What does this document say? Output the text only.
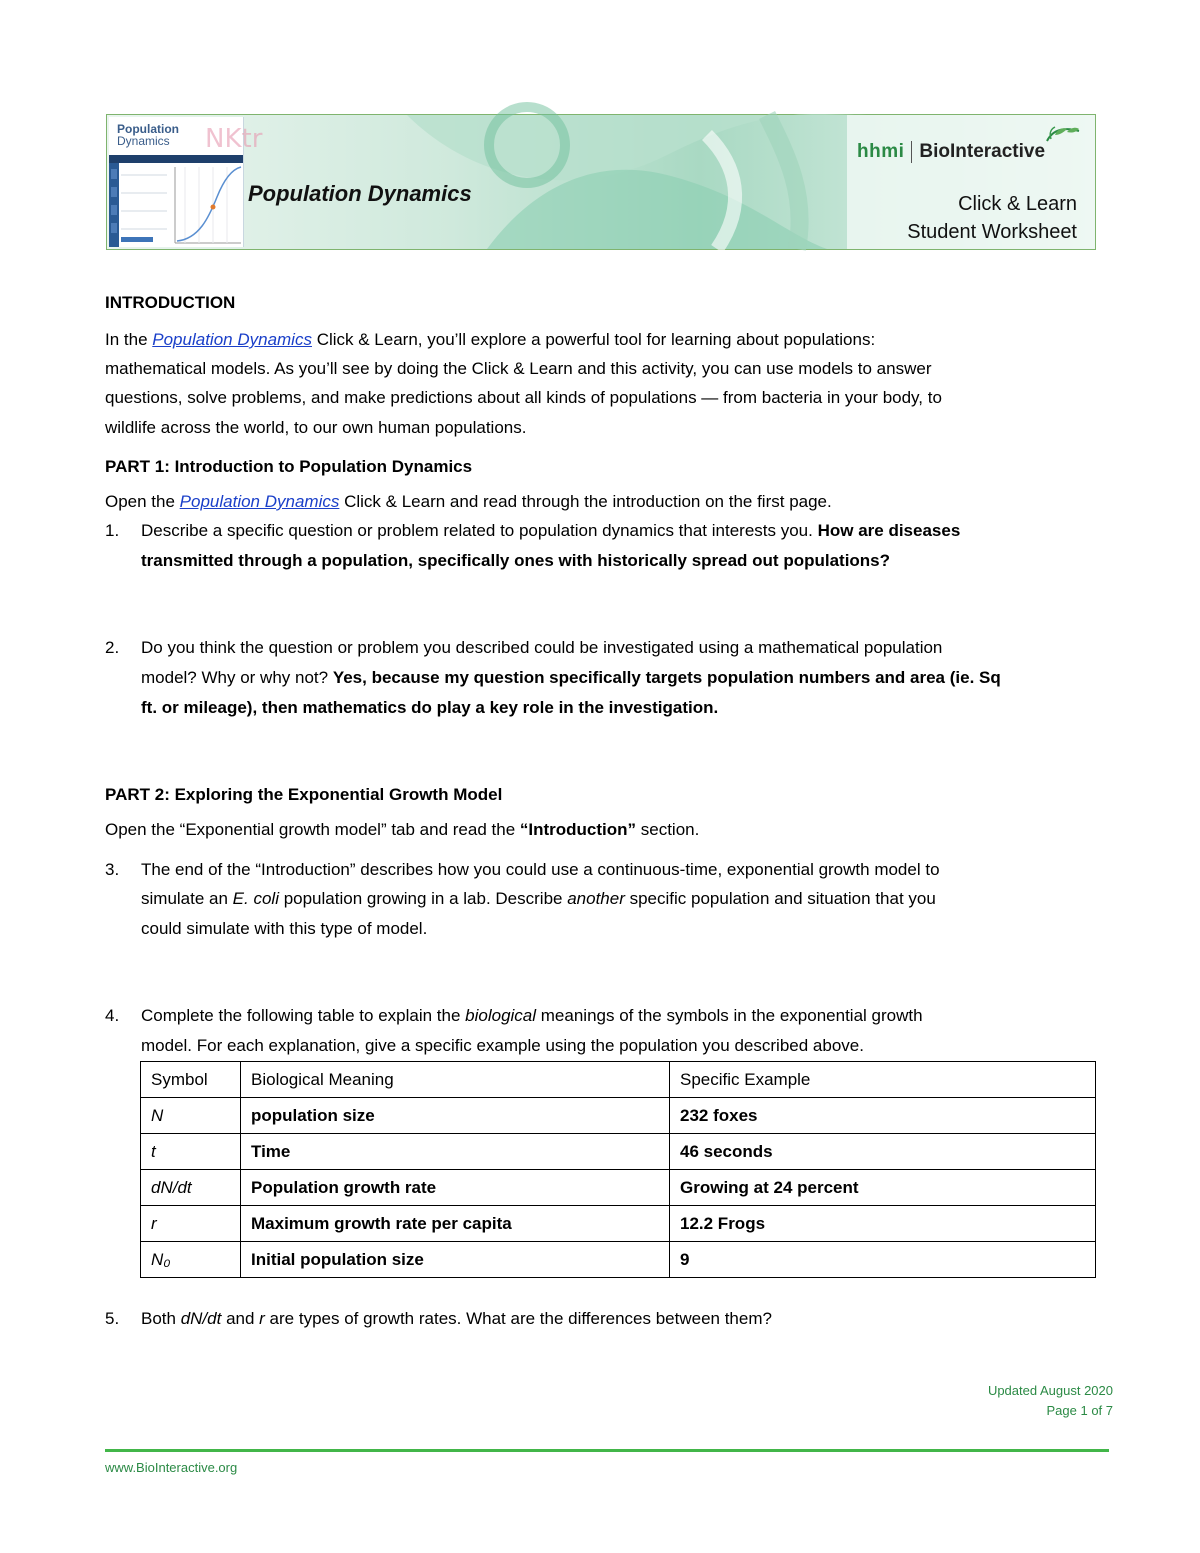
NKtr
Population
Dynamics
Population Dynamics
hhmi BioInteractive
Click & Learn
Student Worksheet
INTRODUCTION
In the Population Dynamics Click & Learn, you’ll explore a powerful tool for learning about populations:
mathematical models. As you’ll see by doing the Click & Learn and this activity, you can use models to answer
questions, solve problems, and make predictions about all kinds of populations — from bacteria in your body, to
wildlife across the world, to our own human populations.
PART 1: Introduction to Population Dynamics
Open the Population Dynamics Click & Learn and read through the introduction on the first page.
1. Describe a specific question or problem related to population dynamics that interests you. How are diseases
transmitted through a population, specifically ones with historically spread out populations?
2. Do you think the question or problem you described could be investigated using a mathematical population
model? Why or why not? Yes, because my question specifically targets population numbers and area (ie. Sq
ft. or mileage), then mathematics do play a key role in the investigation.
PART 2: Exploring the Exponential Growth Model
Open the “Exponential growth model” tab and read the “Introduction” section.
3. The end of the “Introduction” describes how you could use a continuous-time, exponential growth model to
simulate an E. coli population growing in a lab. Describe another specific population and situation that you
could simulate with this type of model.
4. Complete the following table to explain the biological meanings of the symbols in the exponential growth
model. For each explanation, give a specific example using the population you described above.
Symbol	Biological Meaning	Specific Example
N	population size	232 foxes
t	Time	46 seconds
dN/dt	Population growth rate	Growing at 24 percent
r	Maximum growth rate per capita	12.2 Frogs
N₀	Initial population size	9
5. Both dN/dt and r are types of growth rates. What are the differences between them?
Updated August 2020
Page 1 of 7
www.BioInteractive.org
